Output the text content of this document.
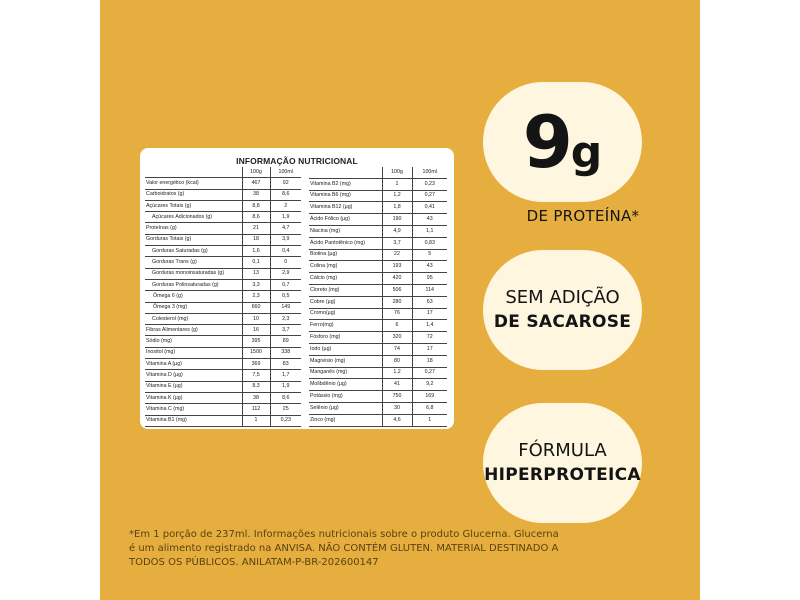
INFORMAÇÃO NUTRICIONAL
	100g	100ml
Valor energético (kcal)	467	92
Carboidratos (g)	38	8,6
Açúcares Totais (g)	8,8	2
Açúcares Adicionados (g)	8,6	1,9
Proteínas (g)	21	4,7
Gorduras Totais (g)	18	3,9
Gorduras Saturadas (g)	1,6	0,4
Gorduras Trans (g)	0,1	0
Gorduras monoinsaturadas (g)	13	2,9
Gorduras Polinsaturadas (g)	3,3	0,7
Ômega 6 (g)	2,3	0,5
Ômega 3 (mg)	660	149
Colesterol (mg)	10	2,3
Fibras Alimentares (g)	16	3,7
Sódio (mg)	395	89
Inositol (mg)	1500	338
Vitamina A (µg)	369	83
Vitamina D (µg)	7,5	1,7
Vitamina E (µg)	8,3	1,9
Vitamina K (µg)	38	8,6
Vitamina C (mg)	112	25
Vitamina B1 (mg)	1	0,23
	100g	100ml
Vitamina B2 (mg)	1	0,23
Vitamina B6 (mg)	1,2	0,27
Vitamina B12 (µg)	1,8	0,41
Ácido Fólico (µg)	190	43
Niacina (mg)	4,9	1,1
Ácido Pantotênico (mg)	3,7	0,83
Biotina (µg)	22	5
Colina (mg)	193	43
Cálcio (mg)	420	95
Cloreto (mg)	506	114
Cobre (µg)	280	63
Cromo(µg)	76	17
Ferro(mg)	6	1,4
Fósforo (mg)	320	72
Iodo (µg)	74	17
Magnésio (mg)	80	18
Manganês (mg)	1,2	0,27
Molibdênio (µg)	41	9,2
Potássio (mg)	750	169
Selênio (µg)	30	6,8
Zinco (mg)	4,6	1
9 g
DE PROTEÍNA*
SEM ADIÇÃO
DE SACAROSE
FÓRMULA
HIPERPROTEICA
*Em 1 porção de 237ml. Informações nutricionais sobre o produto Glucerna. Glucerna é um alimento registrado na ANVISA. NÃO CONTÉM GLUTEN. MATERIAL DESTINADO A TODOS OS PÚBLICOS. ANILATAM-P-BR-202600147
